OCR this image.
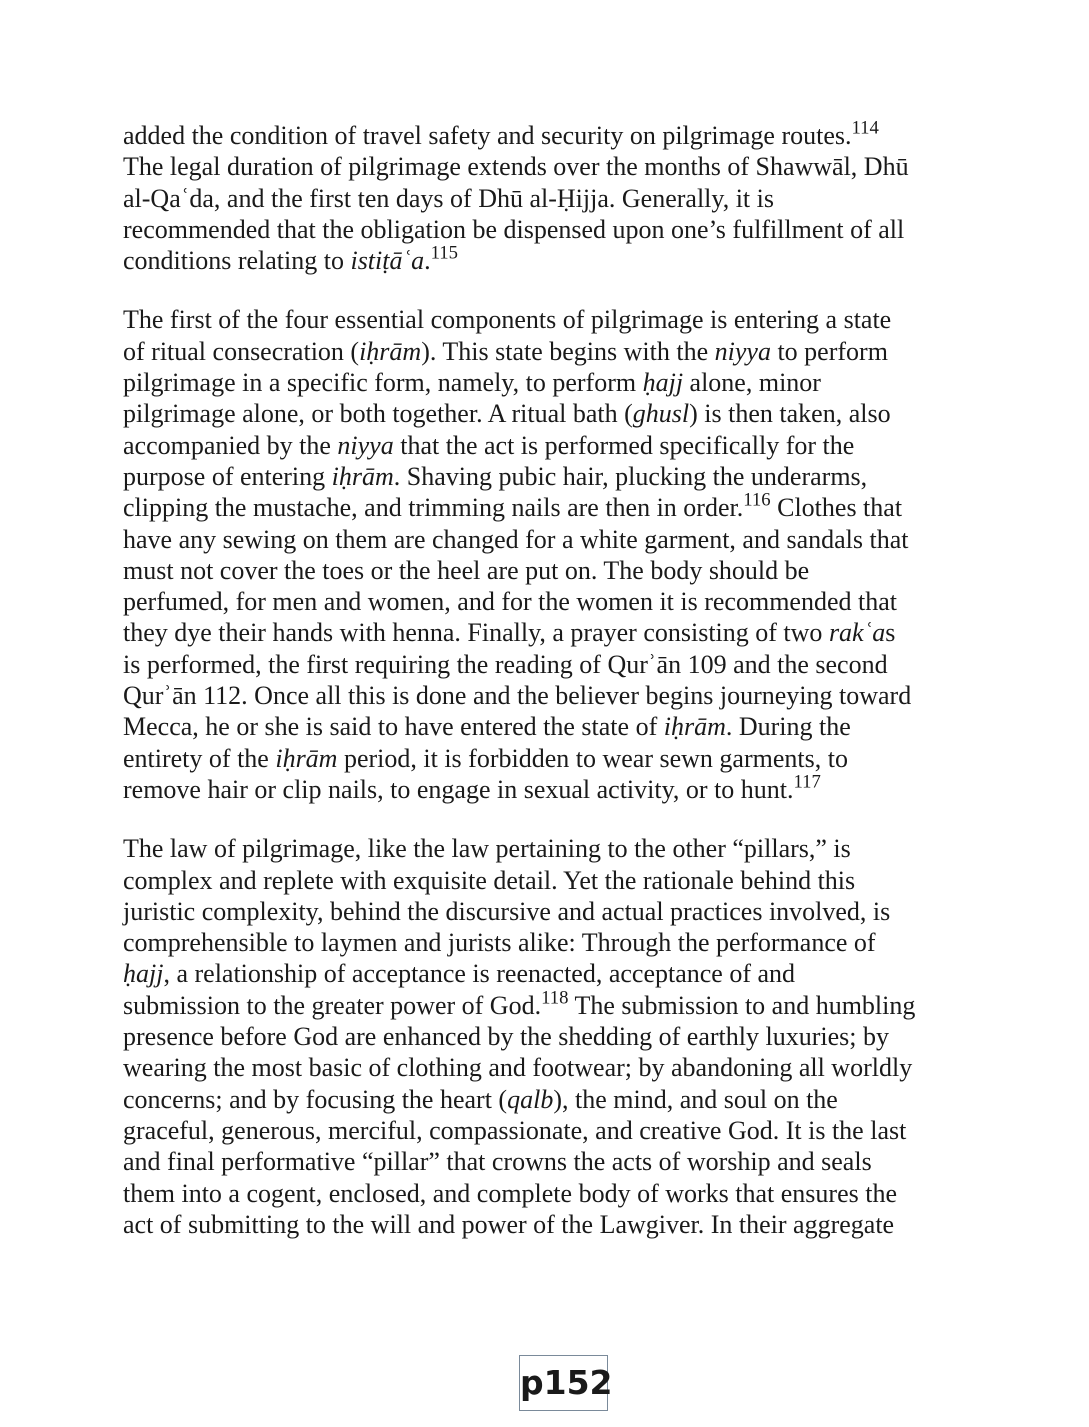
added the condition of travel safety and security on pilgrimage routes.$^{114}$
The legal duration of pilgrimage extends over the months of Shawwāl, Dhū
al-Qaʿda, and the first ten days of Dhū al-Ḥijja. Generally, it is
recommended that the obligation be dispensed upon one’s fulfillment of all
conditions relating to istiṭāʿa.$^{115}$

The first of the four essential components of pilgrimage is entering a state
of ritual consecration (iḥrām). This state begins with the niyya to perform
pilgrimage in a specific form, namely, to perform ḥajj alone, minor
pilgrimage alone, or both together. A ritual bath (ghusl) is then taken, also
accompanied by the niyya that the act is performed specifically for the
purpose of entering iḥrām. Shaving pubic hair, plucking the underarms,
clipping the mustache, and trimming nails are then in order.$^{116}$ Clothes that
have any sewing on them are changed for a white garment, and sandals that
must not cover the toes or the heel are put on. The body should be
perfumed, for men and women, and for the women it is recommended that
they dye their hands with henna. Finally, a prayer consisting of two rakʿas
is performed, the first requiring the reading of Qurʾān 109 and the second
Qurʾān 112. Once all this is done and the believer begins journeying toward
Mecca, he or she is said to have entered the state of iḥrām. During the
entirety of the iḥrām period, it is forbidden to wear sewn garments, to
remove hair or clip nails, to engage in sexual activity, or to hunt.$^{117}$

The law of pilgrimage, like the law pertaining to the other “pillars,” is
complex and replete with exquisite detail. Yet the rationale behind this
juristic complexity, behind the discursive and actual practices involved, is
comprehensible to laymen and jurists alike: Through the performance of
ḥajj, a relationship of acceptance is reenacted, acceptance of and
submission to the greater power of God.$^{118}$ The submission to and humbling
presence before God are enhanced by the shedding of earthly luxuries; by
wearing the most basic of clothing and footwear; by abandoning all worldly
concerns; and by focusing the heart (qalb), the mind, and soul on the
graceful, generous, merciful, compassionate, and creative God. It is the last
and final performative “pillar” that crowns the acts of worship and seals
them into a cogent, enclosed, and complete body of works that ensures the
act of submitting to the will and power of the Lawgiver. In their aggregate

p152
